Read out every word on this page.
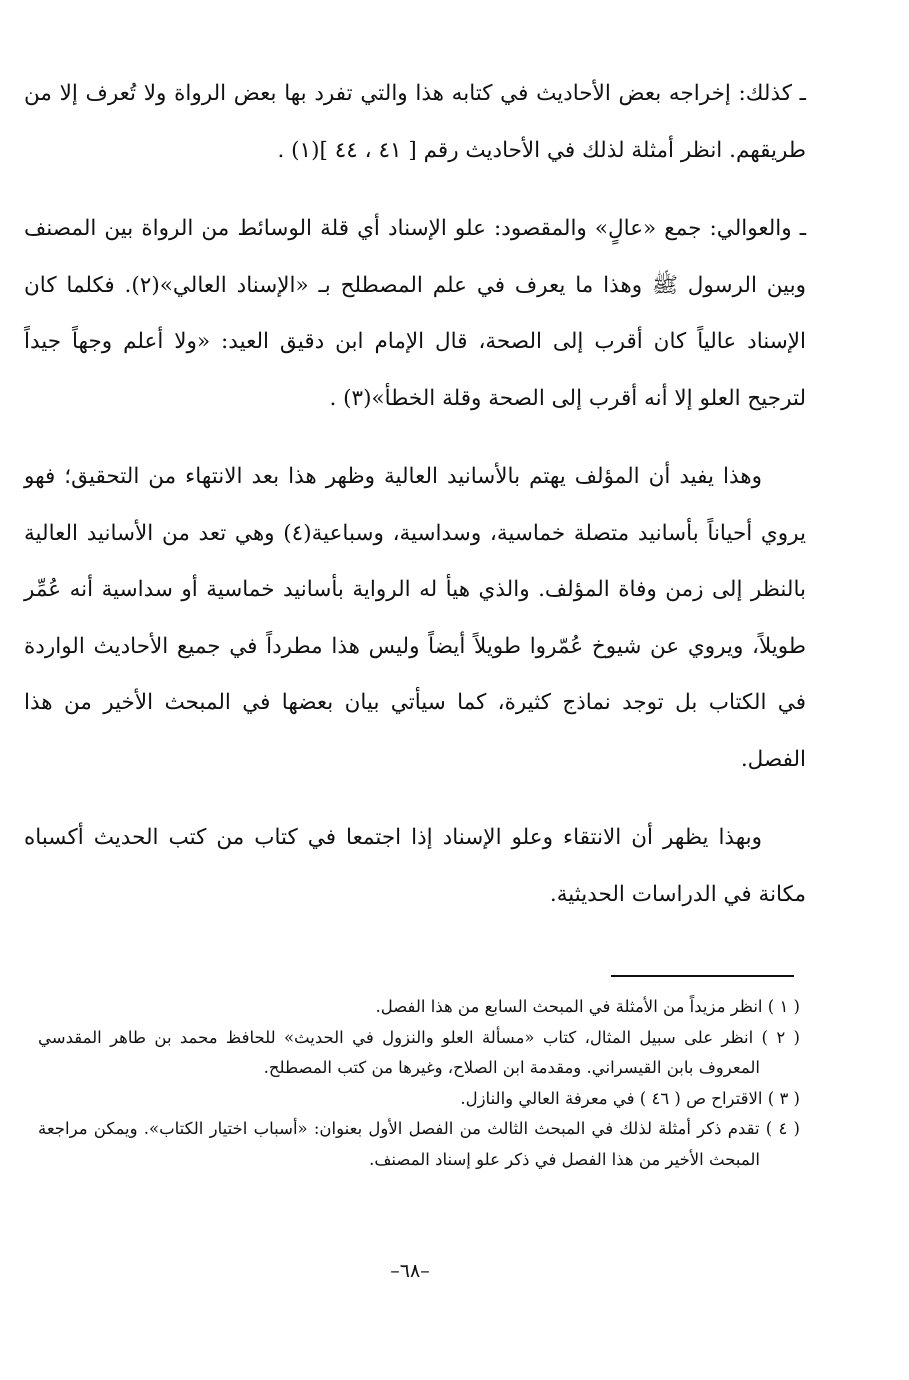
ـ كذلك: إخراجه بعض الأحاديث في كتابه هذا والتي تفرد بها بعض الرواة ولا تُعرف إلا من طريقهم. انظر أمثلة لذلك في الأحاديث رقم [ ٤١ ، ٤٤ ](١) .

ـ والعوالي: جمع «عالٍ» والمقصود: علو الإسناد أي قلة الوسائط من الرواة بين المصنف وبين الرسول ﷺ وهذا ما يعرف في علم المصطلح بـ «الإسناد العالي»(٢). فكلما كان الإسناد عالياً كان أقرب إلى الصحة، قال الإمام ابن دقيق العيد: «ولا أعلم وجهاً جيداً لترجيح العلو إلا أنه أقرب إلى الصحة وقلة الخطأ»(٣) .

وهذا يفيد أن المؤلف يهتم بالأسانيد العالية وظهر هذا بعد الانتهاء من التحقيق؛ فهو يروي أحياناً بأسانيد متصلة خماسية، وسداسية، وسباعية(٤) وهي تعد من الأسانيد العالية بالنظر إلى زمن وفاة المؤلف. والذي هيأ له الرواية بأسانيد خماسية أو سداسية أنه عُمِّر طويلاً، ويروي عن شيوخ عُمّروا طويلاً أيضاً وليس هذا مطرداً في جميع الأحاديث الواردة في الكتاب بل توجد نماذج كثيرة، كما سيأتي بيان بعضها في المبحث الأخير من هذا الفصل.

وبهذا يظهر أن الانتقاء وعلو الإسناد إذا اجتمعا في كتاب من كتب الحديث أكسباه مكانة في الدراسات الحديثية.

( ١ ) انظر مزيداً من الأمثلة في المبحث السابع من هذا الفصل.

( ٢ ) انظر على سبيل المثال، كتاب «مسألة العلو والنزول في الحديث» للحافظ محمد بن طاهر المقدسي المعروف بابن القيسراني. ومقدمة ابن الصلاح، وغيرها من كتب المصطلح.

( ٣ ) الاقتراح ص ( ٤٦ ) في معرفة العالي والنازل.

( ٤ ) تقدم ذكر أمثلة لذلك في المبحث الثالث من الفصل الأول بعنوان: «أسباب اختيار الكتاب». ويمكن مراجعة المبحث الأخير من هذا الفصل في ذكر علو إسناد المصنف.

–٦٨–
